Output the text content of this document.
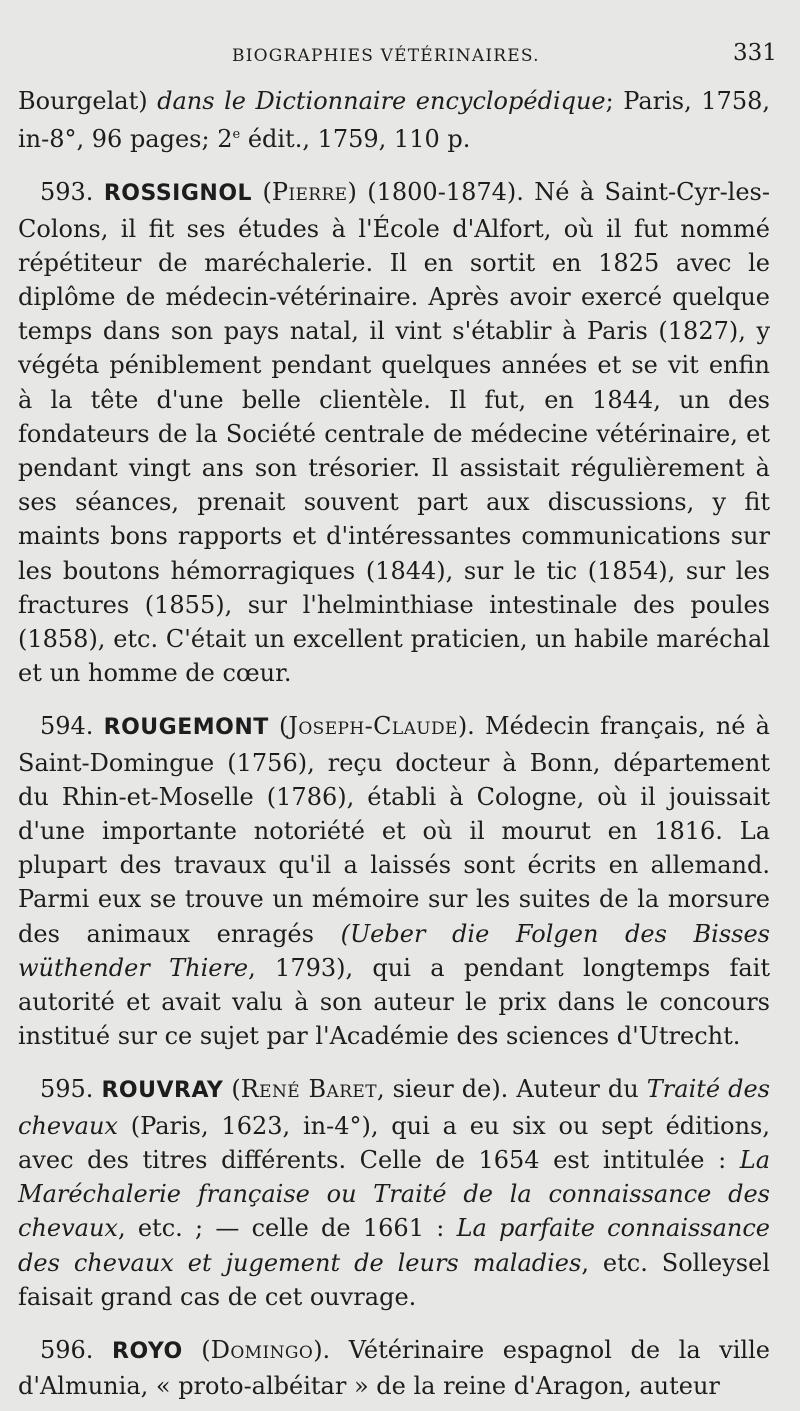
BIOGRAPHIES VÉTÉRINAIRES.	331

Bourgelat) dans le Dictionnaire encyclopédique; Paris, 1758, in-8°, 96 pages; 2e édit., 1759, 110 p.

593. ROSSIGNOL (Pierre) (1800-1874). Né à Saint-Cyr-les-Colons, il fit ses études à l'École d'Alfort, où il fut nommé répétiteur de maréchalerie. Il en sortit en 1825 avec le diplôme de médecin-vétérinaire. Après avoir exercé quelque temps dans son pays natal, il vint s'établir à Paris (1827), y végéta péniblement pendant quelques années et se vit enfin à la tête d'une belle clientèle. Il fut, en 1844, un des fondateurs de la Société centrale de médecine vétérinaire, et pendant vingt ans son trésorier. Il assistait régulièrement à ses séances, prenait souvent part aux discussions, y fit maints bons rapports et d'intéressantes communications sur les boutons hémorragiques (1844), sur le tic (1854), sur les fractures (1855), sur l'helminthiase intestinale des poules (1858), etc. C'était un excellent praticien, un habile maréchal et un homme de cœur.

594. ROUGEMONT (Joseph-Claude). Médecin français, né à Saint-Domingue (1756), reçu docteur à Bonn, département du Rhin-et-Moselle (1786), établi à Cologne, où il jouissait d'une importante notoriété et où il mourut en 1816. La plupart des travaux qu'il a laissés sont écrits en allemand. Parmi eux se trouve un mémoire sur les suites de la morsure des animaux enragés (Ueber die Folgen des Bisses wüthender Thiere, 1793), qui a pendant longtemps fait autorité et avait valu à son auteur le prix dans le concours institué sur ce sujet par l'Académie des sciences d'Utrecht.

595. ROUVRAY (René Baret, sieur de). Auteur du Traité des chevaux (Paris, 1623, in-4°), qui a eu six ou sept éditions, avec des titres différents. Celle de 1654 est intitulée : La Maréchalerie française ou Traité de la connaissance des chevaux, etc. ; — celle de 1661 : La parfaite connaissance des chevaux et jugement de leurs maladies, etc. Solleysel faisait grand cas de cet ouvrage.

596. ROYO (Domingo). Vétérinaire espagnol de la ville d'Almunia, « proto-albéitar » de la reine d'Aragon, auteur
